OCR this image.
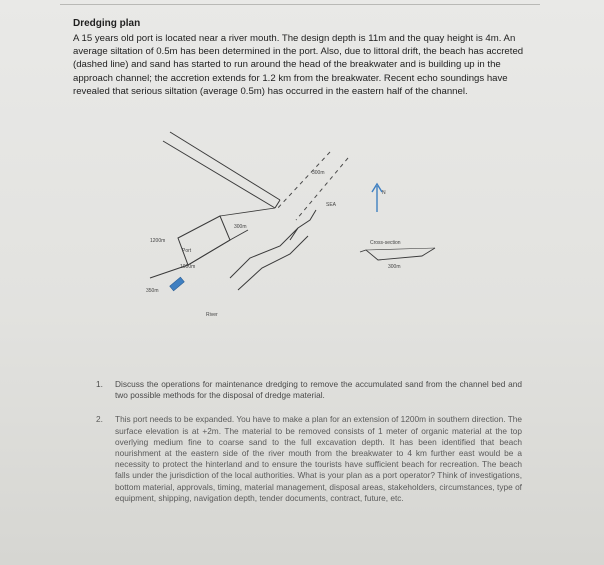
Dredging plan
A 15 years old port is located near a river mouth. The design depth is 11m and the quay height is 4m. An average siltation of 0.5m has been determined in the port. Also, due to littoral drift, the beach has accreted (dashed line) and sand has started to run around the head of the breakwater and is building up in the approach channel; the accretion extends for 1.2 km from the breakwater. Recent echo soundings have revealed that serious siltation (average 0.5m) has occurred in the eastern half of the channel.
300m
SEA
N
300m
1200m
Port
1000m
350m
River
Cross-section
300m
1. Discuss the operations for maintenance dredging to remove the accumulated sand from the channel bed and two possible methods for the disposal of dredge material.
2. This port needs to be expanded. You have to make a plan for an extension of 1200m in southern direction. The surface elevation is at +2m. The material to be removed consists of 1 meter of organic material at the top overlying medium fine to coarse sand to the full excavation depth. It has been identified that beach nourishment at the eastern side of the river mouth from the breakwater to 4 km further east would be a necessity to protect the hinterland and to ensure the tourists have sufficient beach for recreation. The beach falls under the jurisdiction of the local authorities. What is your plan as a port operator? Think of investigations, bottom material, approvals, timing, material management, disposal areas, stakeholders, circumstances, type of equipment, shipping, navigation depth, tender documents, contract, future, etc.
